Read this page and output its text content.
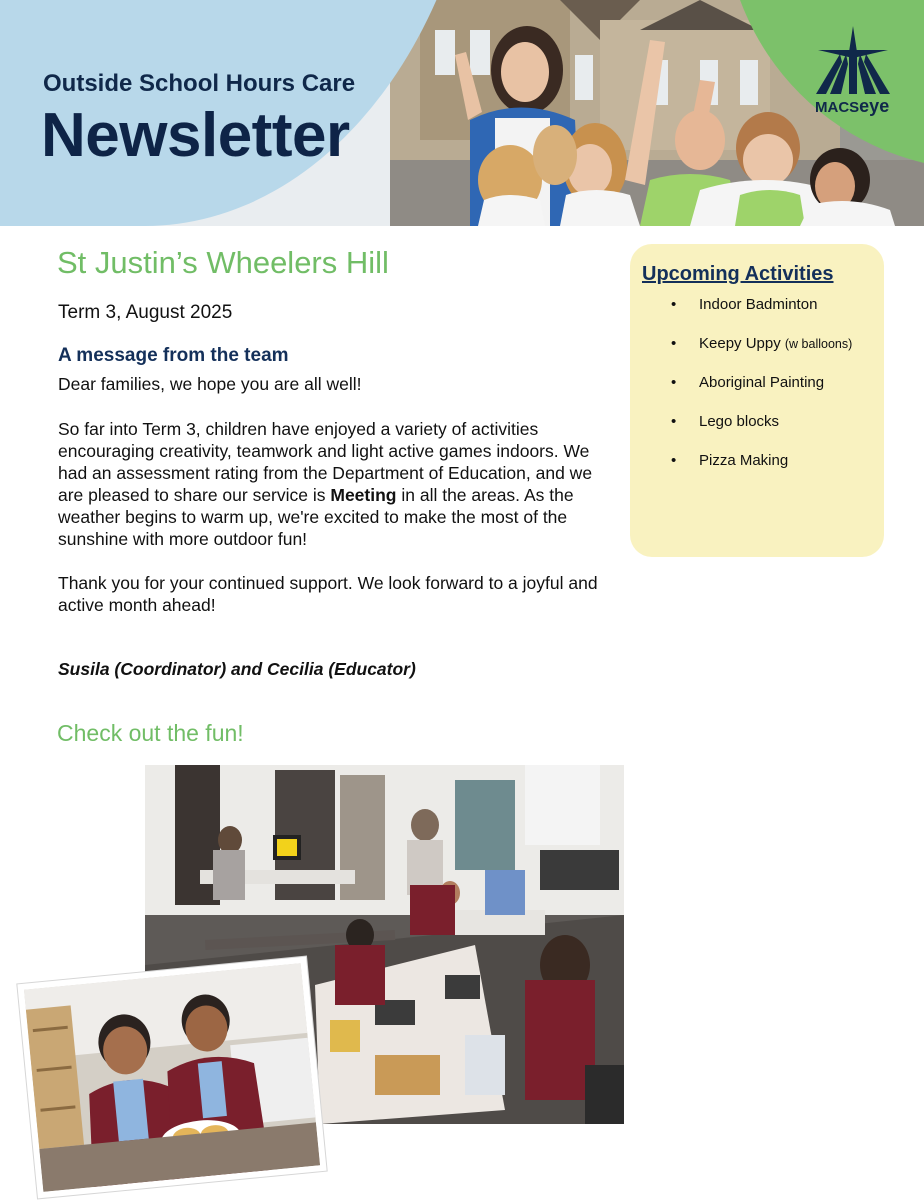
Outside School Hours Care
Newsletter	MACSeye
St Justin’s Wheelers Hill
Term 3, August 2025
A message from the team
Dear families, we hope you are all well!
So far into Term 3, children have enjoyed a variety of activities encouraging creativity, teamwork and light active games indoors. We had an assessment rating from the Department of Education, and we are pleased to share our service is Meeting in all the areas. As the weather begins to warm up, we're excited to make the most of the sunshine with more outdoor fun!
Thank you for your continued support. We look forward to a joyful and active month ahead!
Susila (Coordinator) and Cecilia (Educator)
Check out the fun!
Upcoming Activities
• Indoor Badminton
• Keepy Uppy (w balloons)
• Aboriginal Painting
• Lego blocks
• Pizza Making
